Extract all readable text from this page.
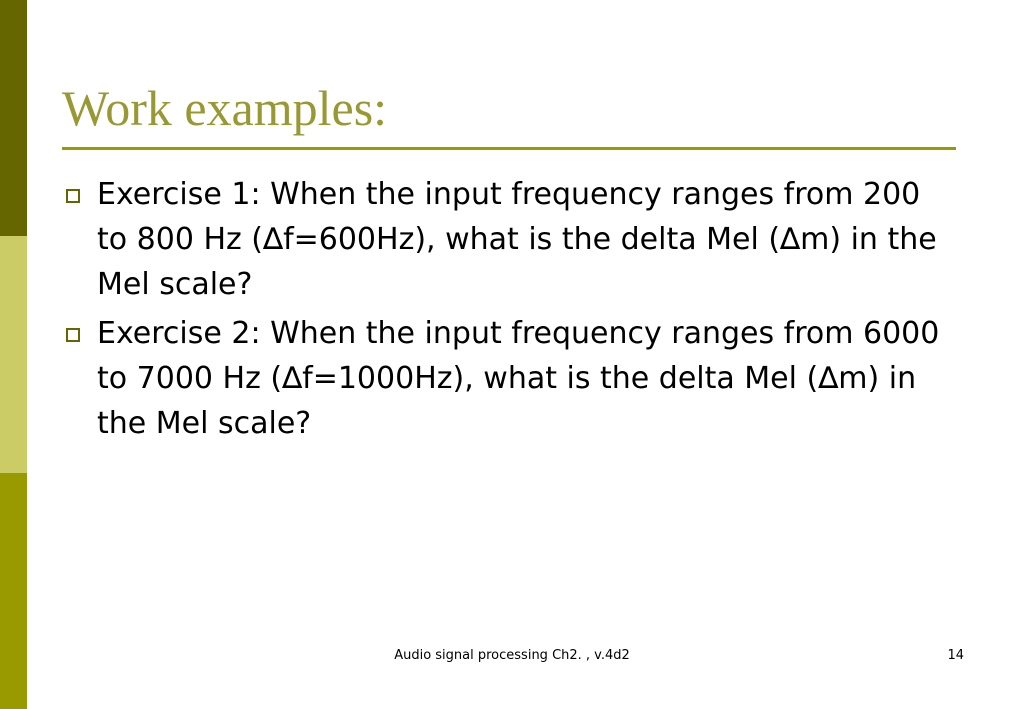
Work examples:
Exercise 1: When the input frequency ranges from 200 to 800 Hz (∆f=600Hz), what is the delta Mel (∆m) in the Mel scale?
Exercise 2: When the input frequency ranges from 6000 to 7000 Hz (∆f=1000Hz), what is the delta Mel (∆m) in the Mel scale?
Audio signal processing Ch2. , v.4d2	14
